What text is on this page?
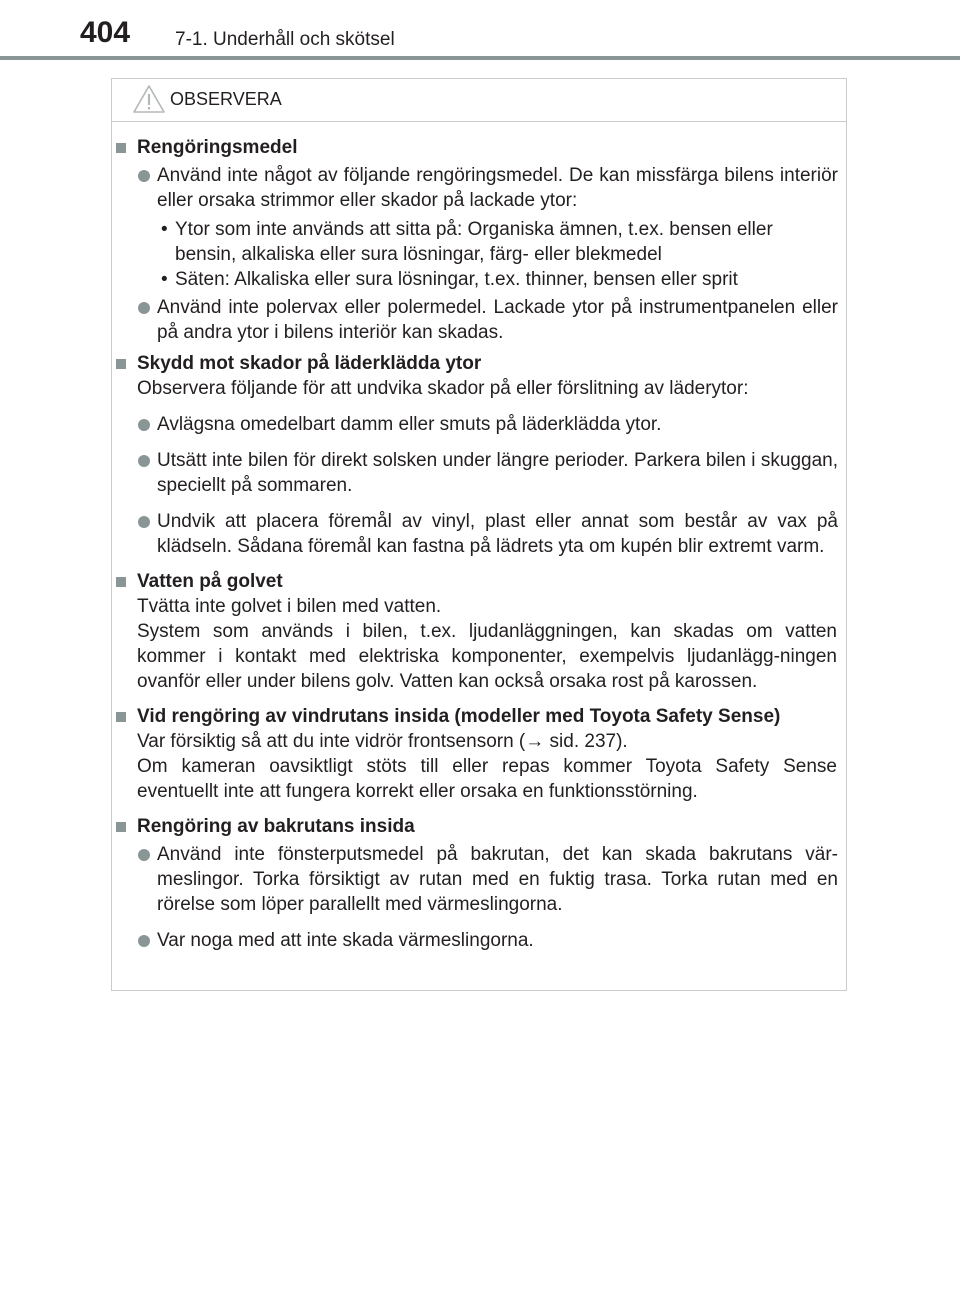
404 7-1. Underhåll och skötsel
OBSERVERA
Rengöringsmedel
Använd inte något av följande rengöringsmedel. De kan missfärga bilens interiör eller orsaka strimmor eller skador på lackade ytor:
• Ytor som inte används att sitta på: Organiska ämnen, t.ex. bensen eller bensin, alkaliska eller sura lösningar, färg- eller blekmedel
• Säten: Alkaliska eller sura lösningar, t.ex. thinner, bensen eller sprit
Använd inte polervax eller polermedel. Lackade ytor på instrumentpanelen eller på andra ytor i bilens interiör kan skadas.
Skydd mot skador på läderklädda ytor
Observera följande för att undvika skador på eller förslitning av läderytor:
Avlägsna omedelbart damm eller smuts på läderklädda ytor.
Utsätt inte bilen för direkt solsken under längre perioder. Parkera bilen i skuggan, speciellt på sommaren.
Undvik att placera föremål av vinyl, plast eller annat som består av vax på klädseln. Sådana föremål kan fastna på lädrets yta om kupén blir extremt varm.
Vatten på golvet
Tvätta inte golvet i bilen med vatten.
System som används i bilen, t.ex. ljudanläggningen, kan skadas om vatten kommer i kontakt med elektriska komponenter, exempelvis ljudanlägg-ningen ovanför eller under bilens golv. Vatten kan också orsaka rost på karossen.
Vid rengöring av vindrutans insida (modeller med Toyota Safety Sense)
Var försiktig så att du inte vidrör frontsensorn (→ sid. 237).
Om kameran oavsiktligt stöts till eller repas kommer Toyota Safety Sense eventuellt inte att fungera korrekt eller orsaka en funktionsstörning.
Rengöring av bakrutans insida
Använd inte fönsterputsmedel på bakrutan, det kan skada bakrutans vär-meslingor. Torka försiktigt av rutan med en fuktig trasa. Torka rutan med en rörelse som löper parallellt med värmeslingorna.
Var noga med att inte skada värmeslingorna.
